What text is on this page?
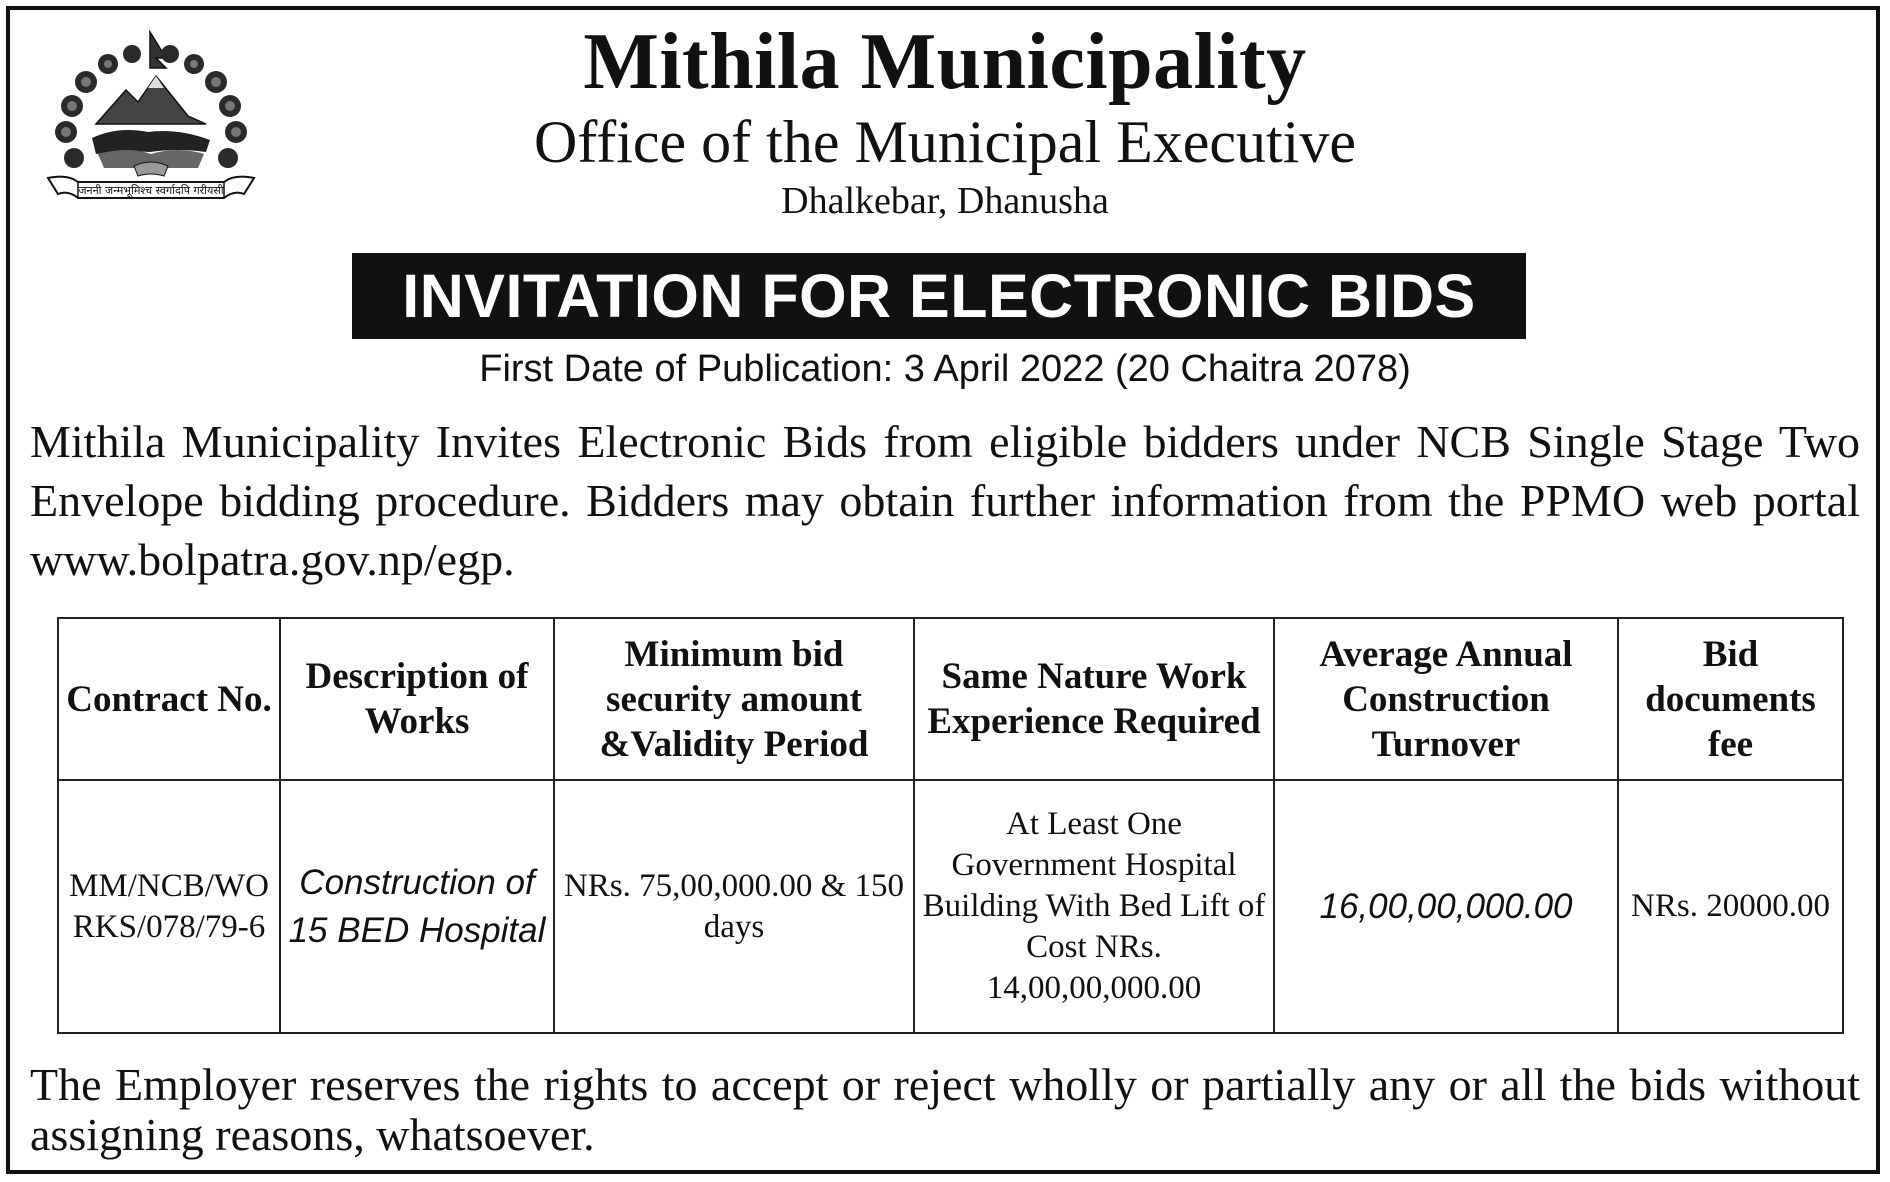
जननी जन्मभूमिश्च स्वर्गादपि गरीयसी
Mithila Municipality
Office of the Municipal Executive
Dhalkebar, Dhanusha
INVITATION FOR ELECTRONIC BIDS
First Date of Publication: 3 April 2022 (20 Chaitra 2078)
Mithila Municipality Invites Electronic Bids from eligible bidders under NCB Single Stage Two Envelope bidding procedure. Bidders may obtain further information from the PPMO web portal www.bolpatra.gov.np/egp.
Contract No.	Description of Works	Minimum bid security amount &Validity Period	Same Nature Work Experience Required	Average Annual Construction Turnover	Bid documents fee
MM/NCB/WORKS/078/79-6	Construction of 15 BED Hospital	NRs. 75,00,000.00 & 150 days	At Least One Government Hospital Building With Bed Lift of Cost NRs. 14,00,00,000.00	16,00,00,000.00	NRs. 20000.00
The Employer reserves the rights to accept or reject wholly or partially any or all the bids without assigning reasons, whatsoever.
